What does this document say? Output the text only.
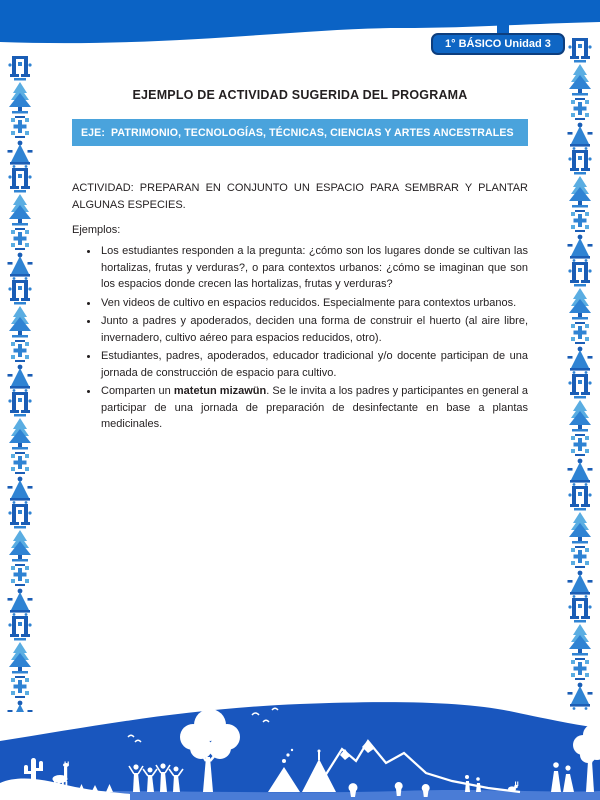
1° BÁSICO Unidad 3
EJEMPLO DE ACTIVIDAD SUGERIDA DEL PROGRAMA
EJE:  PATRIMONIO, TECNOLOGÍAS, TÉCNICAS, CIENCIAS Y ARTES ANCESTRALES
ACTIVIDAD: PREPARAN EN CONJUNTO UN ESPACIO PARA SEMBRAR Y PLANTAR ALGUNAS ESPECIES.
Ejemplos:
• Los estudiantes responden a la pregunta: ¿cómo son los lugares donde se cultivan las hortalizas, frutas y verduras?, o para contextos urbanos: ¿cómo se imaginan que son los espacios donde crecen las hortalizas, frutas y verduras?
• Ven videos de cultivo en espacios reducidos. Especialmente para contextos urbanos.
• Junto a padres y apoderados, deciden una forma de construir el huerto (al aire libre, invernadero, cultivo aéreo para espacios reducidos, otro).
• Estudiantes, padres, apoderados, educador tradicional y/o docente participan de una jornada de construcción de espacio para cultivo.
• Comparten un matetun mizawün. Se le invita a los padres y participantes en general a participar de una jornada de preparación de desinfectante en base a plantas medicinales.
